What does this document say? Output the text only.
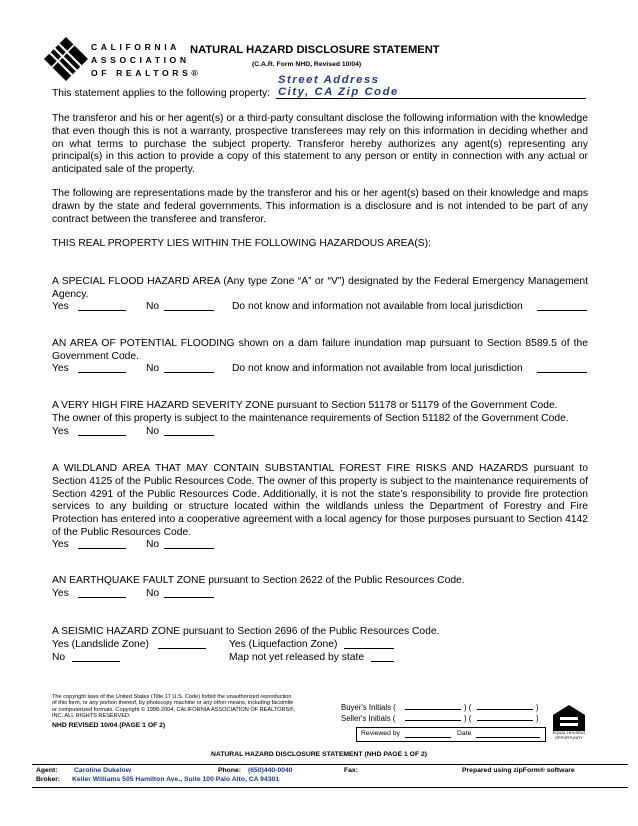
CALIFORNIA
ASSOCIATION
OF REALTORS®
NATURAL HAZARD DISCLOSURE STATEMENT
(C.A.R. Form NHD, Revised 10/04)
Street Address
This statement applies to the following property: City, CA Zip Code
The transferor and his or her agent(s) or a third-party consultant disclose the following information with the knowledge that even though this is not a warranty, prospective transferees may rely on this information in deciding whether and on what terms to purchase the subject property. Transferor hereby authorizes any agent(s) representing any principal(s) in this action to provide a copy of this statement to any person or entity in connection with any actual or anticipated sale of the property.
The following are representations made by the transferor and his or her agent(s) based on their knowledge and maps drawn by the state and federal governments. This information is a disclosure and is not intended to be part of any contract between the transferee and transferor.
THIS REAL PROPERTY LIES WITHIN THE FOLLOWING HAZARDOUS AREA(S):
A SPECIAL FLOOD HAZARD AREA (Any type Zone “A” or “V”) designated by the Federal Emergency Management Agency.
Yes	No	Do not know and information not available from local jurisdiction
AN AREA OF POTENTIAL FLOODING shown on a dam failure inundation map pursuant to Section 8589.5 of the Government Code.
Yes	No	Do not know and information not available from local jurisdiction
A VERY HIGH FIRE HAZARD SEVERITY ZONE pursuant to Section 51178 or 51179 of the Government Code.
The owner of this property is subject to the maintenance requirements of Section 51182 of the Government Code.
Yes	No
A WILDLAND AREA THAT MAY CONTAIN SUBSTANTIAL FOREST FIRE RISKS AND HAZARDS pursuant to Section 4125 of the Public Resources Code. The owner of this property is subject to the maintenance requirements of Section 4291 of the Public Resources Code. Additionally, it is not the state’s responsibility to provide fire protection services to any building or structure located within the wildlands unless the Department of Forestry and Fire Protection has entered into a cooperative agreement with a local agency for those purposes pursuant to Section 4142 of the Public Resources Code.
Yes	No
AN EARTHQUAKE FAULT ZONE pursuant to Section 2622 of the Public Resources Code.
Yes	No
A SEISMIC HAZARD ZONE pursuant to Section 2696 of the Public Resources Code.
Yes (Landslide Zone)	Yes (Liquefaction Zone)
No	Map not yet released by state
The copyright laws of the United States (Title 17 U.S. Code) forbid the unauthorized reproduction of this form, or any portion thereof, by photocopy machine or any other means, including facsimile or computerized formats. Copyright © 1998-2004, CALIFORNIA ASSOCIATION OF REALTORS®, INC. ALL RIGHTS RESERVED.
NHD REVISED 10/04 (PAGE 1 OF 2)
Buyer's Initials (	) (	)
Seller's Initials (	) (	)
Reviewed by	Date	EQUAL HOUSING OPPORTUNITY
NATURAL HAZARD DISCLOSURE STATEMENT (NHD PAGE 1 OF 2)
Agent: Caroline Dukelow	Phone: (650)440-0040	Fax:	Prepared using zipForm® software
Broker: Keller Williams 505 Hamilton Ave., Suite 100 Palo Alto, CA 94301
